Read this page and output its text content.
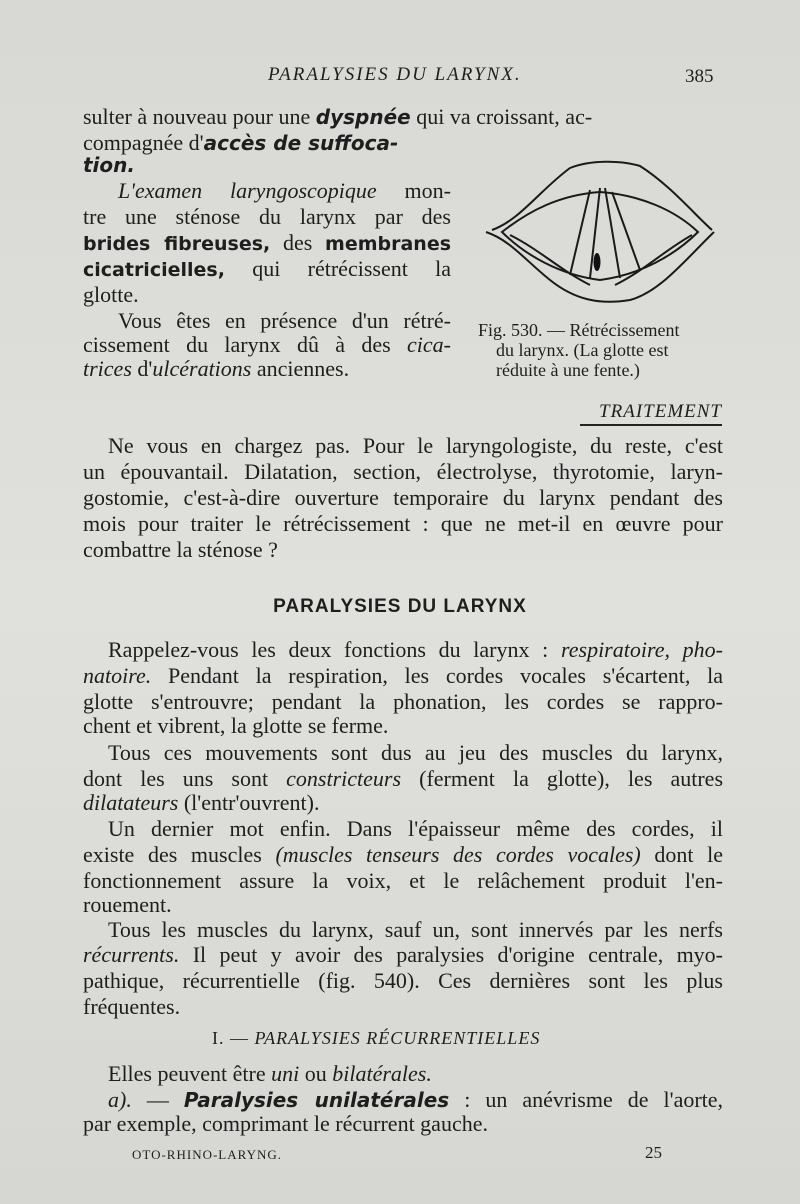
PARALYSIES DU LARYNX.	385
sulter à nouveau pour une dyspnée qui va croissant, ac-
compagnée d'accès de suffoca-
tion.
L'examen laryngoscopique mon-
tre une sténose du larynx par des
brides fibreuses, des membranes
cicatricielles, qui rétrécissent la
glotte.
Vous êtes en présence d'un rétré-
cissement du larynx dû à des cica-
trices d'ulcérations anciennes.
Fig. 530. — Rétrécissement
du larynx. (La glotte est
réduite à une fente.)
TRAITEMENT
Ne vous en chargez pas. Pour le laryngologiste, du reste, c'est
un épouvantail. Dilatation, section, électrolyse, thyrotomie, laryn-
gostomie, c'est-à-dire ouverture temporaire du larynx pendant des
mois pour traiter le rétrécissement : que ne met-il en œuvre pour
combattre la sténose ?
PARALYSIES DU LARYNX
Rappelez-vous les deux fonctions du larynx : respiratoire, pho-
natoire. Pendant la respiration, les cordes vocales s'écartent, la
glotte s'entrouvre; pendant la phonation, les cordes se rappro-
chent et vibrent, la glotte se ferme.
Tous ces mouvements sont dus au jeu des muscles du larynx,
dont les uns sont constricteurs (ferment la glotte), les autres
dilatateurs (l'entr'ouvrent).
Un dernier mot enfin. Dans l'épaisseur même des cordes, il
existe des muscles (muscles tenseurs des cordes vocales) dont le
fonctionnement assure la voix, et le relâchement produit l'en-
rouement.
Tous les muscles du larynx, sauf un, sont innervés par les nerfs
récurrents. Il peut y avoir des paralysies d'origine centrale, myo-
pathique, récurrentielle (fig. 540). Ces dernières sont les plus
fréquentes.
I. — PARALYSIES RÉCURRENTIELLES
Elles peuvent être uni ou bilatérales.
a). — Paralysies unilatérales : un anévrisme de l'aorte,
par exemple, comprimant le récurrent gauche.
OTO-RHINO-LARYNG.	25
